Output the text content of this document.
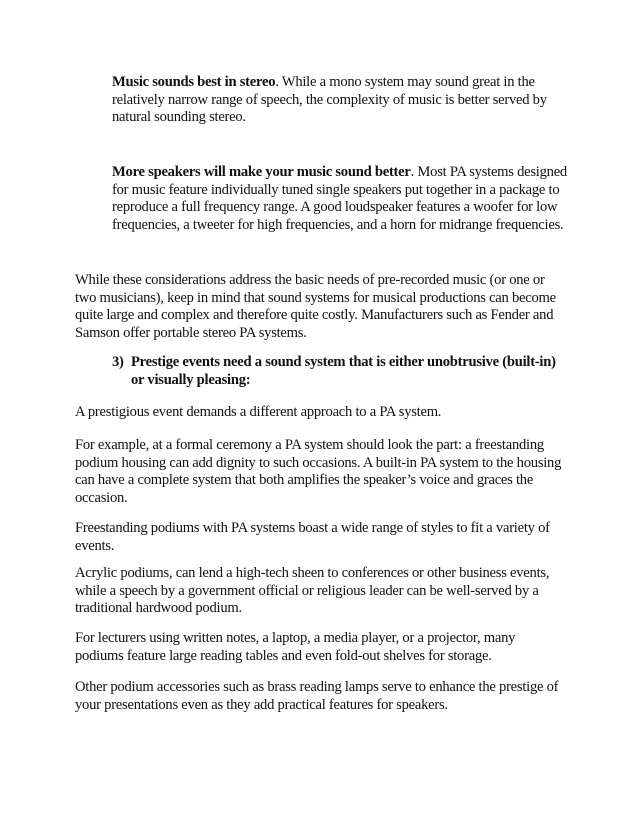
Music sounds best in stereo. While a mono system may sound great in the relatively narrow range of speech, the complexity of music is better served by natural sounding stereo.

More speakers will make your music sound better. Most PA systems designed for music feature individually tuned single speakers put together in a package to reproduce a full frequency range. A good loudspeaker features a woofer for low frequencies, a tweeter for high frequencies, and a horn for midrange frequencies.

While these considerations address the basic needs of pre-recorded music (or one or two musicians), keep in mind that sound systems for musical productions can become quite large and complex and therefore quite costly. Manufacturers such as Fender and Samson offer portable stereo PA systems.

3) Prestige events need a sound system that is either unobtrusive (built-in) or visually pleasing:

A prestigious event demands a different approach to a PA system.

For example, at a formal ceremony a PA system should look the part: a freestanding podium housing can add dignity to such occasions. A built-in PA system to the housing can have a complete system that both amplifies the speaker’s voice and graces the occasion.

Freestanding podiums with PA systems boast a wide range of styles to fit a variety of events.

Acrylic podiums, can lend a high-tech sheen to conferences or other business events, while a speech by a government official or religious leader can be well-served by a traditional hardwood podium.

For lecturers using written notes, a laptop, a media player, or a projector, many podiums feature large reading tables and even fold-out shelves for storage.

Other podium accessories such as brass reading lamps serve to enhance the prestige of your presentations even as they add practical features for speakers.
